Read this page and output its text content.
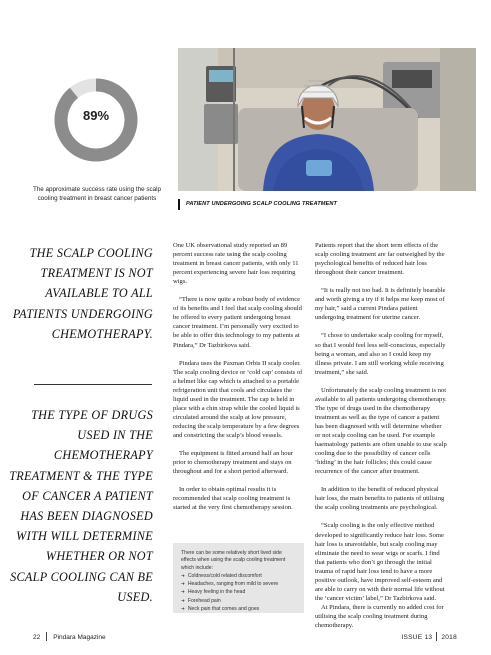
89%
The approximate success rate using the scalp cooling treatment in breast cancer patients
PATIENT UNDERGOING SCALP COOLING TREATMENT
THE SCALP COOLING TREATMENT IS NOT AVAILABLE TO ALL PATIENTS UNDERGOING CHEMOTHERAPY.
THE TYPE OF DRUGS USED IN THE CHEMOTHERAPY TREATMENT & THE TYPE OF CANCER A PATIENT HAS BEEN DIAGNOSED WITH WILL DETERMINE WHETHER OR NOT SCALP COOLING CAN BE USED.

One UK observational study reported an 89 percent success rate using the scalp cooling treatment in breast cancer patients, with only 11 percent experiencing severe hair loss requiring wigs.

“There is now quite a robust body of evidence of its benefits and I feel that scalp cooling should be offered to every patient undergoing breast cancer treatment. I’m personally very excited to be able to offer this technology to my patients at Pindara,” Dr Tazbirkova said.

Pindara uses the Paxman Orbis II scalp cooler. The scalp cooling device or ‘cold cap’ consists of a helmet like cap which is attached to a portable refrigeration unit that cools and circulates the liquid used in the treatment. The cap is held in place with a chin strap while the cooled liquid is circulated around the scalp at low pressure, reducing the scalp temperature by a few degrees and constricting the scalp’s blood vessels.

The equipment is fitted around half an hour prior to chemotherapy treatment and stays on throughout and for a short period afterward.

In order to obtain optimal results it is recommended that scalp cooling treatment is started at the very first chemotherapy session.

There can be some relatively short lived side effects when using the scalp cooling treatment which include:
➜ Coldness/cold related discomfort
➜ Headaches, ranging from mild to severe
➜ Heavy feeling in the head
➜ Forehead pain
➜ Neck pain that comes and goes

Patients report that the short term effects of the scalp cooling treatment are far outweighed by the psychological benefits of reduced hair loss throughout their cancer treatment.

“It is really not too bad. It is definitely bearable and worth giving a try if it helps me keep most of my hair,” said a current Pindara patient undergoing treatment for uterine cancer.

“I chose to undertake scalp cooling for myself, so that I would feel less self-conscious, especially being a woman, and also so I could keep my illness private. I am still working while receiving treatment,” she said.

Unfortunately the scalp cooling treatment is not available to all patients undergoing chemotherapy. The type of drugs used in the chemotherapy treatment as well as the type of cancer a patient has been diagnosed with will determine whether or not scalp cooling can be used. For example haematology patients are often unable to use scalp cooling due to the possibility of cancer cells ‘hiding’ in the hair follicles; this could cause recurrence of the cancer after treatment.

In addition to the benefit of reduced physical hair loss, the main benefits to patients of utilising the scalp cooling treatments are psychological.

“Scalp cooling is the only effective method developed to significantly reduce hair loss. Some hair loss is unavoidable, but scalp cooling may eliminate the need to wear wigs or scarfs. I find that patients who don’t go through the initial trauma of rapid hair loss tend to have a more positive outlook, have improved self-esteem and are able to carry on with their normal life without the ‘cancer victim’ label,” Dr Tazbirkova said.

At Pindara, there is currently no added cost for utilising the scalp cooling treatment during chemotherapy.

22 Pindara Magazine	ISSUE 13 2018
